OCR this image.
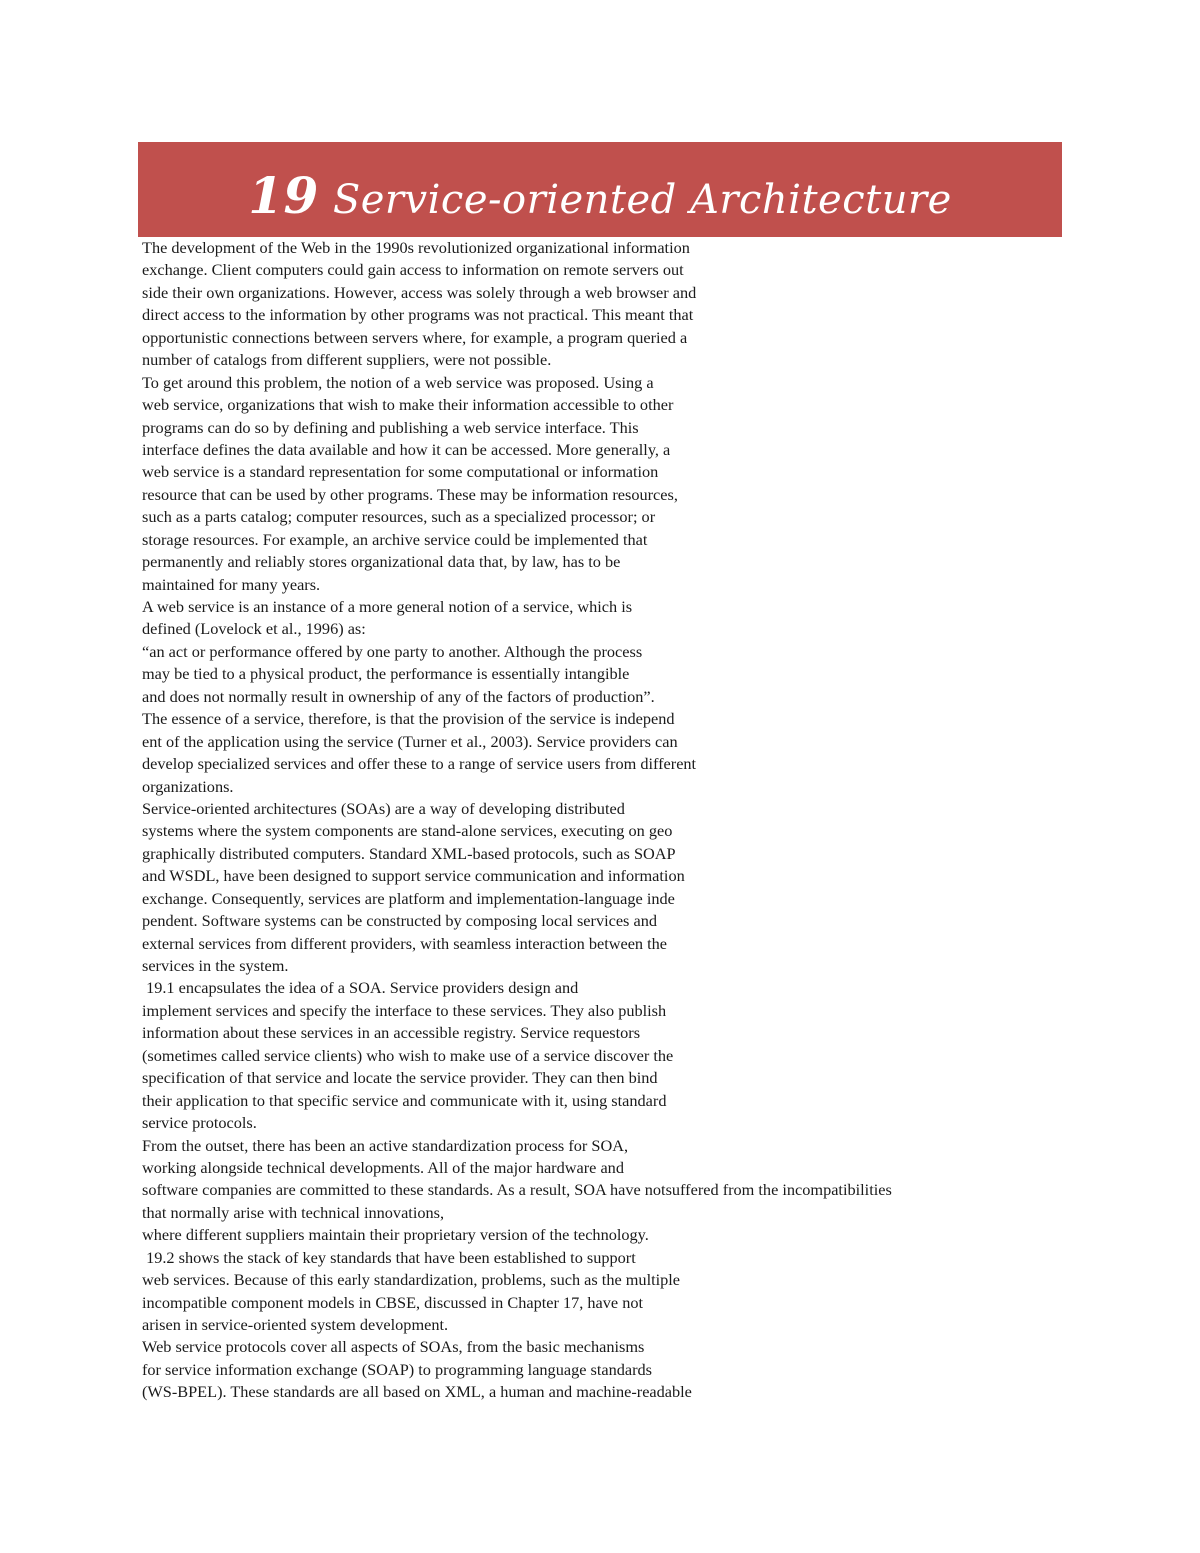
19 Service-oriented Architecture
The development of the Web in the 1990s revolutionized organizational information
exchange. Client computers could gain access to information on remote servers out
side their own organizations. However, access was solely through a web browser and
direct access to the information by other programs was not practical. This meant that
opportunistic connections between servers where, for example, a program queried a
number of catalogs from different suppliers, were not possible.
To get around this problem, the notion of a web service was proposed. Using a
web service, organizations that wish to make their information accessible to other
programs can do so by defining and publishing a web service interface. This
interface defines the data available and how it can be accessed. More generally, a
web service is a standard representation for some computational or information
resource that can be used by other programs. These may be information resources,
such as a parts catalog; computer resources, such as a specialized processor; or
storage resources. For example, an archive service could be implemented that
permanently and reliably stores organizational data that, by law, has to be
maintained for many years.
A web service is an instance of a more general notion of a service, which is
defined (Lovelock et al., 1996) as:
“an act or performance offered by one party to another. Although the process
may be tied to a physical product, the performance is essentially intangible
and does not normally result in ownership of any of the factors of production”.
The essence of a service, therefore, is that the provision of the service is independ
ent of the application using the service (Turner et al., 2003). Service providers can
develop specialized services and offer these to a range of service users from different
organizations.
Service-oriented architectures (SOAs) are a way of developing distributed
systems where the system components are stand-alone services, executing on geo
graphically distributed computers. Standard XML-based protocols, such as SOAP
and WSDL, have been designed to support service communication and information
exchange. Consequently, services are platform and implementation-language inde
pendent. Software systems can be constructed by composing local services and
external services from different providers, with seamless interaction between the
services in the system.
19.1 encapsulates the idea of a SOA. Service providers design and
implement services and specify the interface to these services. They also publish
information about these services in an accessible registry. Service requestors
(sometimes called service clients) who wish to make use of a service discover the
specification of that service and locate the service provider. They can then bind
their application to that specific service and communicate with it, using standard
service protocols.
From the outset, there has been an active standardization process for SOA,
working alongside technical developments. All of the major hardware and
software companies are committed to these standards. As a result, SOA have notsuffered from the incompatibilities
that normally arise with technical innovations,
where different suppliers maintain their proprietary version of the technology.
19.2 shows the stack of key standards that have been established to support
web services. Because of this early standardization, problems, such as the multiple
incompatible component models in CBSE, discussed in Chapter 17, have not
arisen in service-oriented system development.
Web service protocols cover all aspects of SOAs, from the basic mechanisms
for service information exchange (SOAP) to programming language standards
(WS-BPEL). These standards are all based on XML, a human and machine-readable
